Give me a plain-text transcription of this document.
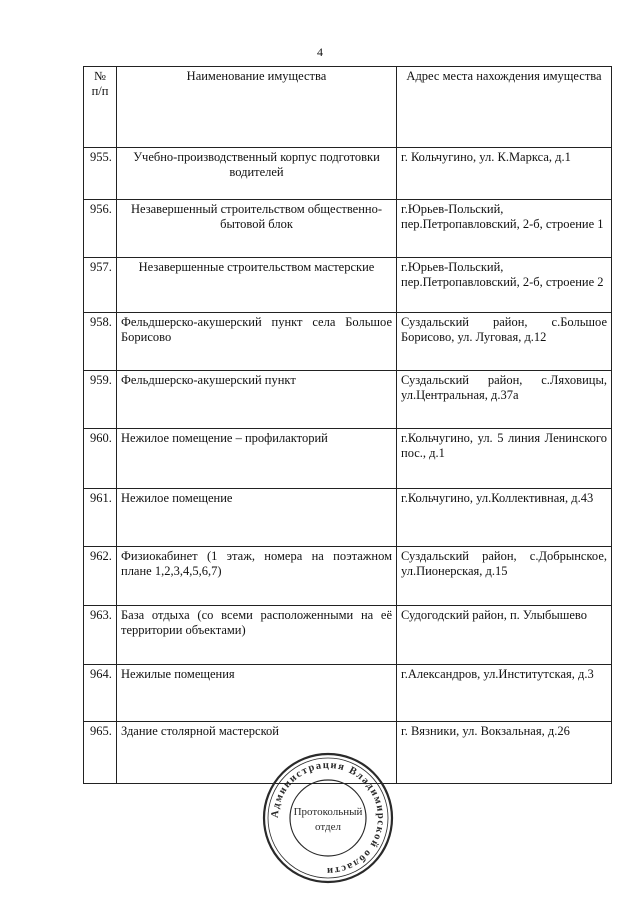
4
№ п/п	Наименование имущества	Адрес места нахождения имущества
955.	Учебно-производственный корпус подготовки водителей	г. Кольчугино, ул. К.Маркса, д.1
956.	Незавершенный строительством общественно-бытовой блок	г.Юрьев-Польский, пер.Петропавловский, 2-б, строение 1
957.	Незавершенные строительством мастерские	г.Юрьев-Польский, пер.Петропавловский, 2-б, строение 2
958.	Фельдшерско-акушерский пункт села Большое Борисово	Суздальский район, с.Большое Борисово, ул. Луговая, д.12
959.	Фельдшерско-акушерский пункт	Суздальский район, с.Ляховицы, ул.Центральная, д.37а
960.	Нежилое помещение – профилакторий	г.Кольчугино, ул. 5 линия Ленинского пос., д.1
961.	Нежилое помещение	г.Кольчугино, ул.Коллективная, д.43
962.	Физиокабинет (1 этаж, номера на поэтажном плане 1,2,3,4,5,6,7)	Суздальский район, с.Добрынское, ул.Пионерская, д.15
963.	База отдыха (со всеми расположенными на её территории объектами)	Судогодский район, п. Улыбышево
964.	Нежилые помещения	г.Александров, ул.Институтская, д.3
965.	Здание столярной мастерской	г. Вязники, ул. Вокзальная, д.26
Администрация Владимирской области
Протокольный
отдел
